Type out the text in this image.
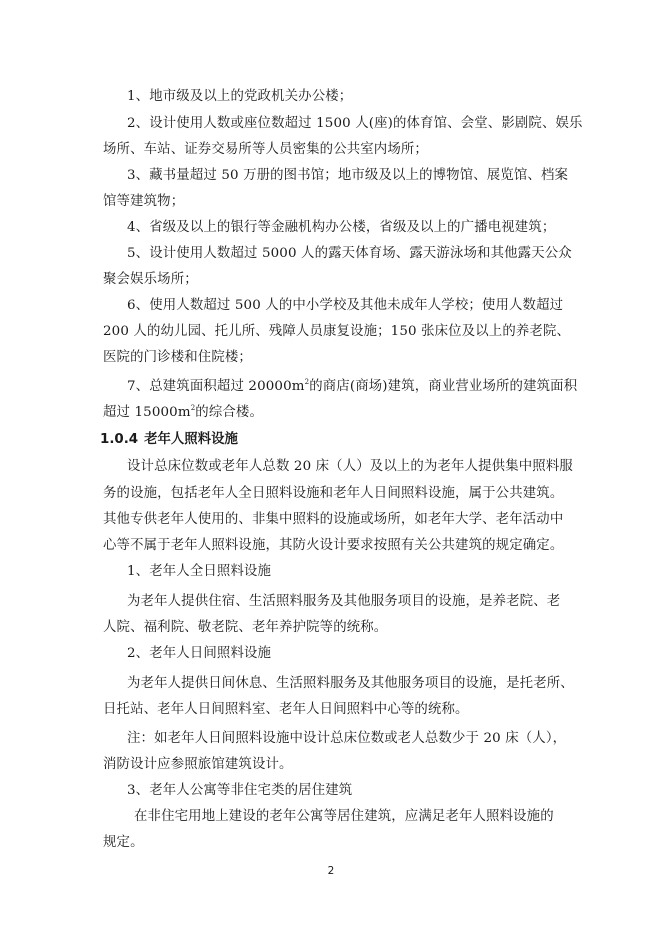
1、地市级及以上的党政机关办公楼；
2、设计使用人数或座位数超过 1500 人(座)的体育馆、会堂、影剧院、娱乐
场所、车站、证券交易所等人员密集的公共室内场所；
3、藏书量超过 50 万册的图书馆；地市级及以上的博物馆、展览馆、档案
馆等建筑物；
4、省级及以上的银行等金融机构办公楼，省级及以上的广播电视建筑；
5、设计使用人数超过 5000 人的露天体育场、露天游泳场和其他露天公众
聚会娱乐场所；
6、使用人数超过 500 人的中小学校及其他未成年人学校；使用人数超过
200 人的幼儿园、托儿所、残障人员康复设施；150 张床位及以上的养老院、
医院的门诊楼和住院楼；
7、总建筑面积超过 $20000m^2$的商店(商场)建筑，商业营业场所的建筑面积
超过 $15000m^2$的综合楼。
1.0.4 老年人照料设施
设计总床位数或老年人总数 20 床（人）及以上的为老年人提供集中照料服
务的设施，包括老年人全日照料设施和老年人日间照料设施，属于公共建筑。
其他专供老年人使用的、非集中照料的设施或场所，如老年大学、老年活动中
心等不属于老年人照料设施，其防火设计要求按照有关公共建筑的规定确定。
1、老年人全日照料设施
为老年人提供住宿、生活照料服务及其他服务项目的设施，是养老院、老
人院、福利院、敬老院、老年养护院等的统称。
2、老年人日间照料设施
为老年人提供日间休息、生活照料服务及其他服务项目的设施，是托老所、
日托站、老年人日间照料室、老年人日间照料中心等的统称。
注：如老年人日间照料设施中设计总床位数或老人总数少于 20 床（人），
消防设计应参照旅馆建筑设计。
3、老年人公寓等非住宅类的居住建筑
在非住宅用地上建设的老年公寓等居住建筑，应满足老年人照料设施的
规定。
2
